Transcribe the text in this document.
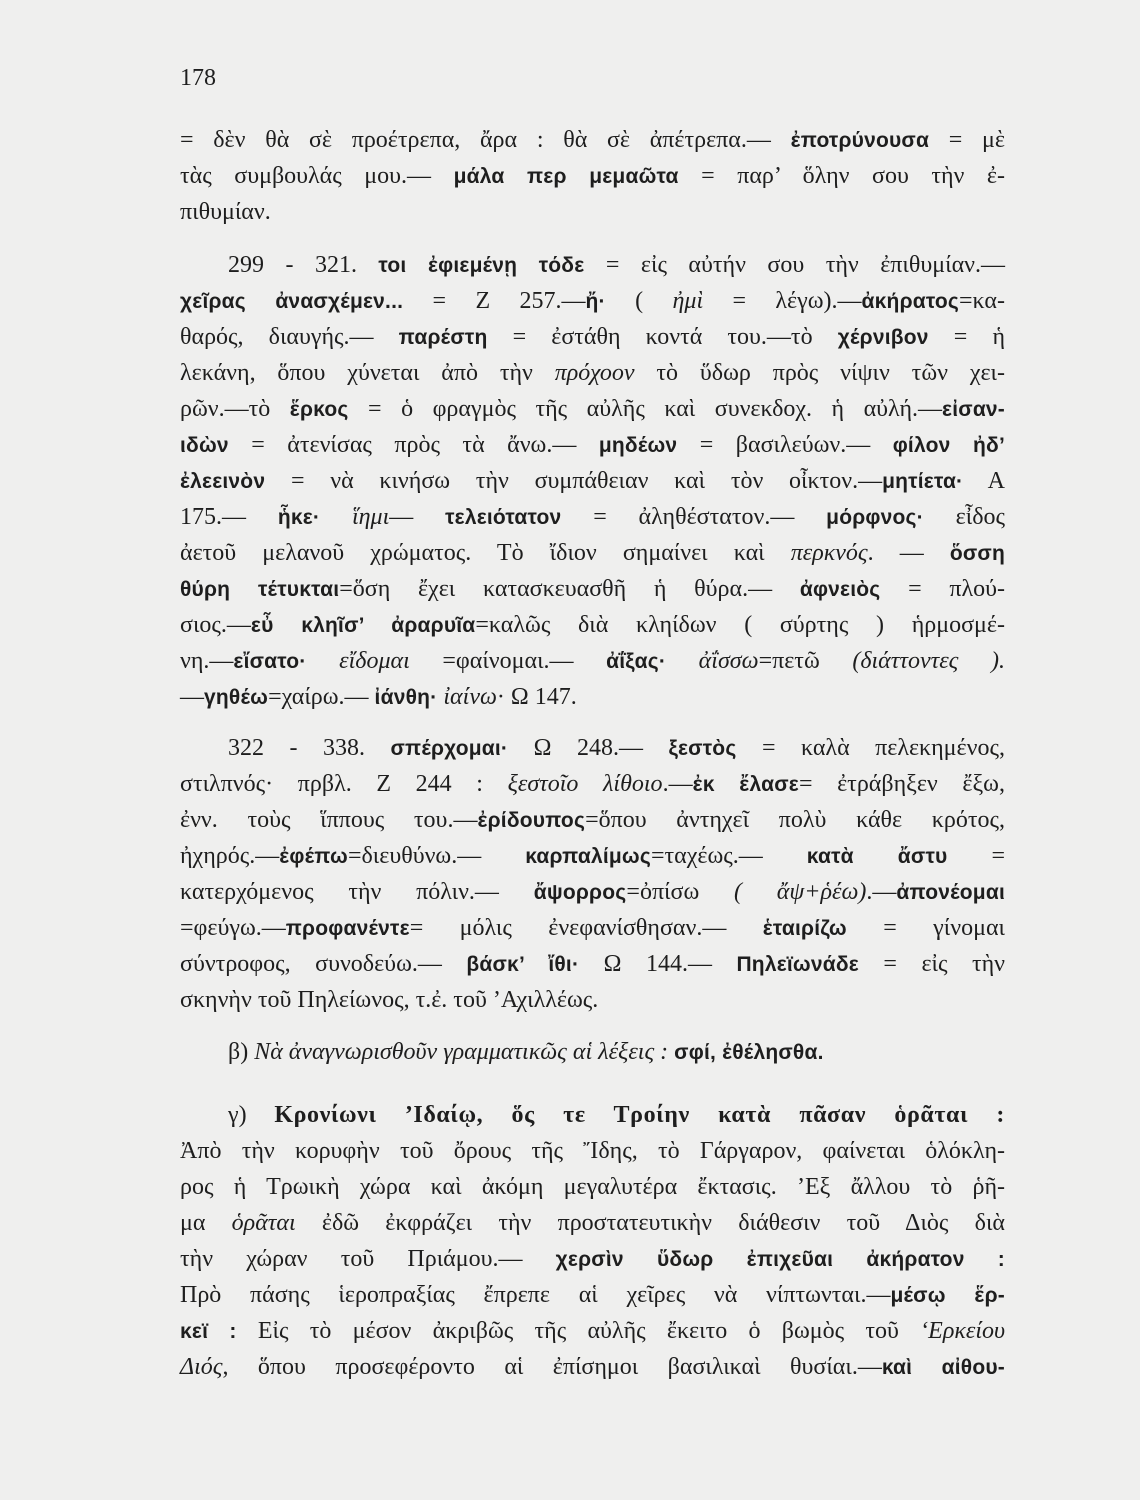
178
= δὲν θὰ σὲ προέτρεπα, ἄρα : θὰ σὲ ἀπέτρεπα.— ἐποτρύνουσα = μὲ
τὰς συμβουλάς μου.— μάλα περ μεμαῶτα = παρ’ ὅλην σου τὴν ἐ-
πιθυμίαν.
299 - 321. τοι ἐφιεμένῃ τόδε = εἰς αὐτήν σου τὴν ἐπιθυμίαν.—
χεῖρας ἀνασχέμεν... = Ζ 257.—ἤ· ( ἠμὶ = λέγω).—ἀκήρατος=κα-
θαρός, διαυγής.— παρέστη = ἐστάθη κοντά του.—τὸ χέρνιβον = ἡ
λεκάνη, ὅπου χύνεται ἀπὸ τὴν πρόχοον τὸ ὕδωρ πρὸς νίψιν τῶν χει-
ρῶν.—τὸ ἕρκος = ὁ φραγμὸς τῆς αὐλῆς καὶ συνεκδοχ. ἡ αὐλή.—εἰσαν-
ιδὼν = ἀτενίσας πρὸς τὰ ἄνω.— μηδέων = βασιλεύων.— φίλον ἠδ’
ἐλεεινὸν = νὰ κινήσω τὴν συμπάθειαν καὶ τὸν οἶκτον.—μητίετα· Α
175.— ἧκε· ἵημι— τελειότατον = ἀληθέστατον.— μόρφνος· εἶδος
ἀετοῦ μελανοῦ χρώματος. Τὸ ἴδιον σημαίνει καὶ περκνός. — ὅσση
θύρη τέτυκται=ὅση ἔχει κατασκευασθῆ ἡ θύρα.— ἀφνειὸς = πλού-
σιος.—εὖ κληῖσ’ ἀραρυῖα=καλῶς διὰ κληίδων ( σύρτης ) ἡρμοσμέ-
νη.—εἴσατο· εἴδομαι =φαίνομαι.— ἀΐξας· ἀΐσσω=πετῶ (διάττοντες ).
—γηθέω=χαίρω.— ἰάνθη· ἰαίνω· Ω 147.
322 - 338. σπέρχομαι· Ω 248.— ξεστὸς = καλὰ πελεκημένος,
στιλπνός· πρβλ. Ζ 244 : ξεστοῖο λίθοιο.—ἐκ ἔλασε= ἐτράβηξεν ἔξω,
ἐνν. τοὺς ἵππους του.—ἐρίδουπος=ὅπου ἀντηχεῖ πολὺ κάθε κρότος,
ἠχηρός.—ἐφέπω=διευθύνω.— καρπαλίμως=ταχέως.— κατὰ ἄστυ =
κατερχόμενος τὴν πόλιν.— ἄψορρος=ὀπίσω ( ἄψ+ῥέω).—ἀπονέομαι
=φεύγω.—προφανέντε= μόλις ἐνεφανίσθησαν.— ἑταιρίζω = γίνομαι
σύντροφος, συνοδεύω.— βάσκ’ ἴθι· Ω 144.— Πηλεϊωνάδε = εἰς τὴν
σκηνὴν τοῦ Πηλείωνος, τ.ἐ. τοῦ ’Αχιλλέως.
β) Νὰ ἀναγνωρισθοῦν γραμματικῶς αἱ λέξεις : σφί, ἐθέλησθα.
γ) Κρονίωνι ’Ιδαίῳ, ὅς τε Τροίην κατὰ πᾶσαν ὁρᾶται :
Ἀπὸ τὴν κορυφὴν τοῦ ὄρους τῆς Ἴδης, τὸ Γάργαρον, φαίνεται ὁλόκλη-
ρος ἡ Τρωικὴ χώρα καὶ ἀκόμη μεγαλυτέρα ἔκτασις. ’Εξ ἄλλου τὸ ῥῆ-
μα ὁρᾶται ἐδῶ ἐκφράζει τὴν προστατευτικὴν διάθεσιν τοῦ Διὸς διὰ
τὴν χώραν τοῦ Πριάμου.— χερσὶν ὕδωρ ἐπιχεῦαι ἀκήρατον :
Πρὸ πάσης ἱεροπραξίας ἔπρεπε αἱ χεῖρες νὰ νίπτωνται.—μέσῳ ἕρ-
κεϊ : Εἰς τὸ μέσον ἀκριβῶς τῆς αὐλῆς ἔκειτο ὁ βωμὸς τοῦ ‘Ερκείου
Διός, ὅπου προσεφέροντο αἱ ἐπίσημοι βασιλικαὶ θυσίαι.—καὶ αἰθου-
